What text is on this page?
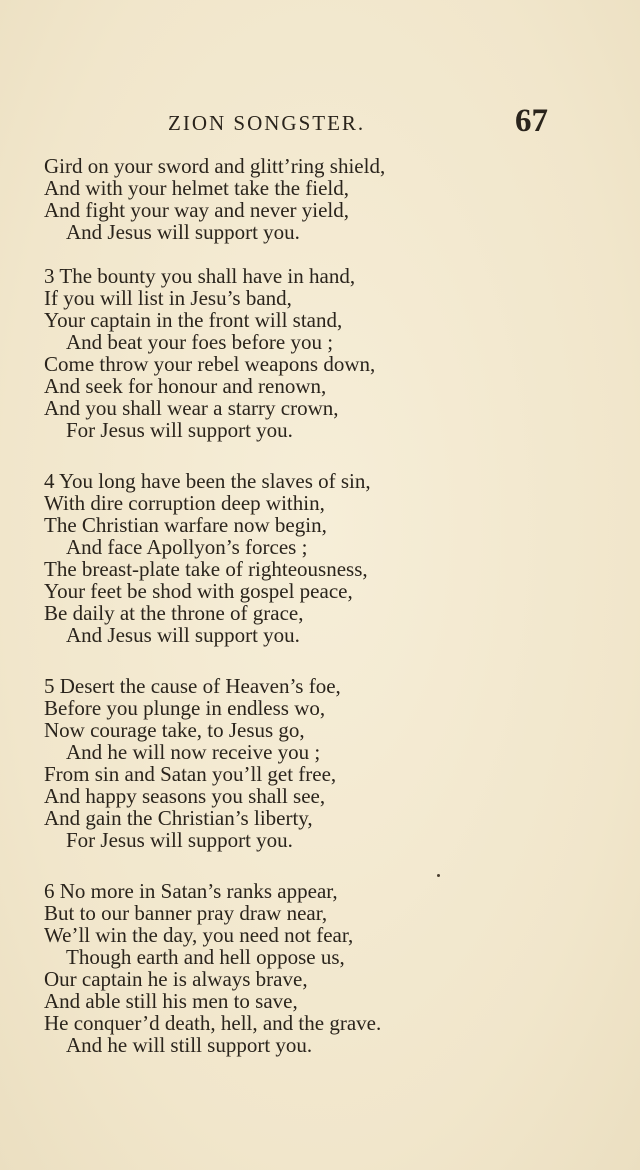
ZION SONGSTER.	67
Gird on your sword and glitt’ring shield,
And with your helmet take the field,
And fight your way and never yield,
And Jesus will support you.
3 The bounty you shall have in hand,
If you will list in Jesu’s band,
Your captain in the front will stand,
And beat your foes before you ;
Come throw your rebel weapons down,
And seek for honour and renown,
And you shall wear a starry crown,
For Jesus will support you.
4 You long have been the slaves of sin,
With dire corruption deep within,
The Christian warfare now begin,
And face Apollyon’s forces ;
The breast-plate take of righteousness,
Your feet be shod with gospel peace,
Be daily at the throne of grace,
And Jesus will support you.
5 Desert the cause of Heaven’s foe,
Before you plunge in endless wo,
Now courage take, to Jesus go,
And he will now receive you ;
From sin and Satan you’ll get free,
And happy seasons you shall see,
And gain the Christian’s liberty,
For Jesus will support you.
6 No more in Satan’s ranks appear,
But to our banner pray draw near,
We’ll win the day, you need not fear,
Though earth and hell oppose us,
Our captain he is always brave,
And able still his men to save,
He conquer’d death, hell, and the grave.
And he will still support you.
